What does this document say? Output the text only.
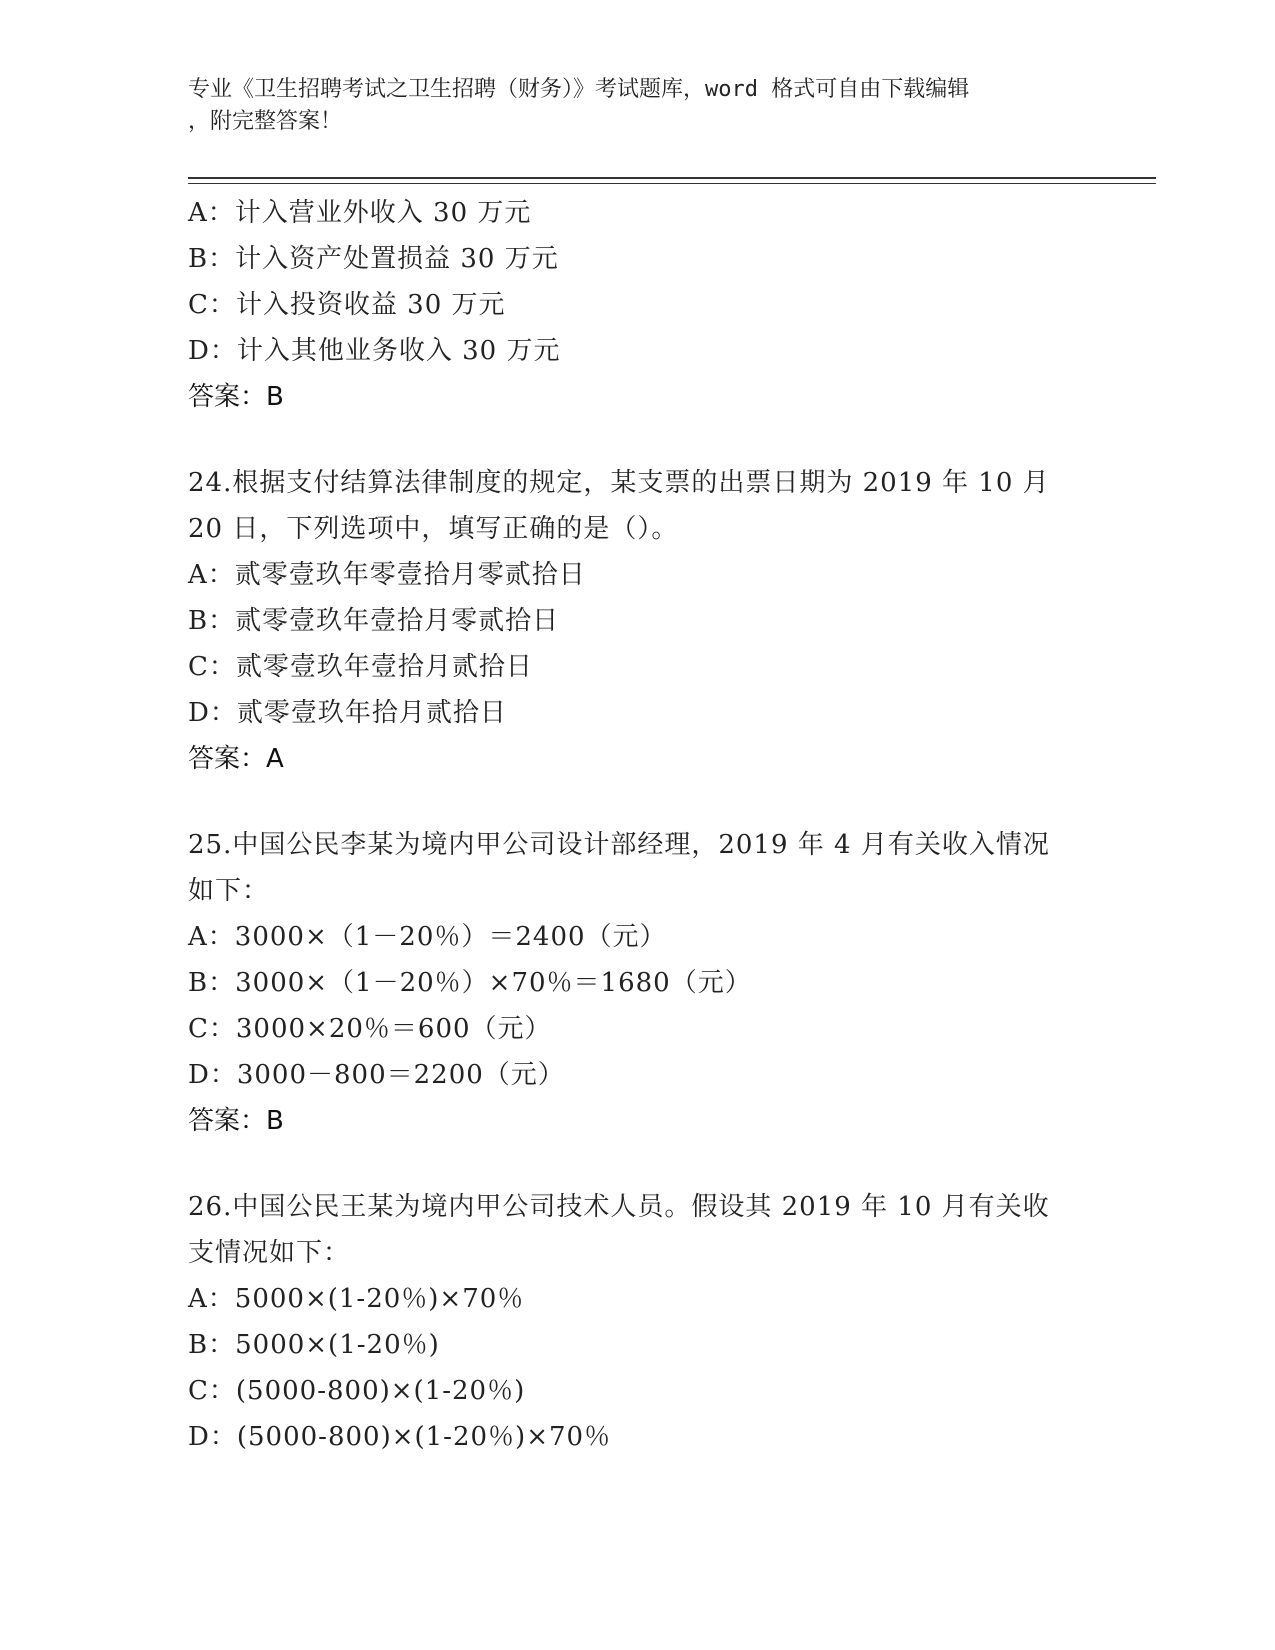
专业《卫生招聘考试之卫生招聘（财务）》考试题库，word 格式可自由下载编辑
，附完整答案！
A：计入营业外收入 30 万元
B：计入资产处置损益 30 万元
C：计入投资收益 30 万元
D：计入其他业务收入 30 万元
答案：B
24.根据支付结算法律制度的规定，某支票的出票日期为 2019 年 10 月
20 日，下列选项中，填写正确的是（）。
A：贰零壹玖年零壹拾月零贰拾日
B：贰零壹玖年壹拾月零贰拾日
C：贰零壹玖年壹拾月贰拾日
D：贰零壹玖年拾月贰拾日
答案：A
25.中国公民李某为境内甲公司设计部经理，2019 年 4 月有关收入情况
如下：
A：3000×（1－20％）＝2400（元）
B：3000×（1－20％）×70％＝1680（元）
C：3000×20％＝600（元）
D：3000－800＝2200（元）
答案：B
26.中国公民王某为境内甲公司技术人员。假设其 2019 年 10 月有关收
支情况如下：
A：5000×(1-20％)×70％
B：5000×(1-20％)
C：(5000-800)×(1-20％)
D：(5000-800)×(1-20％)×70％
